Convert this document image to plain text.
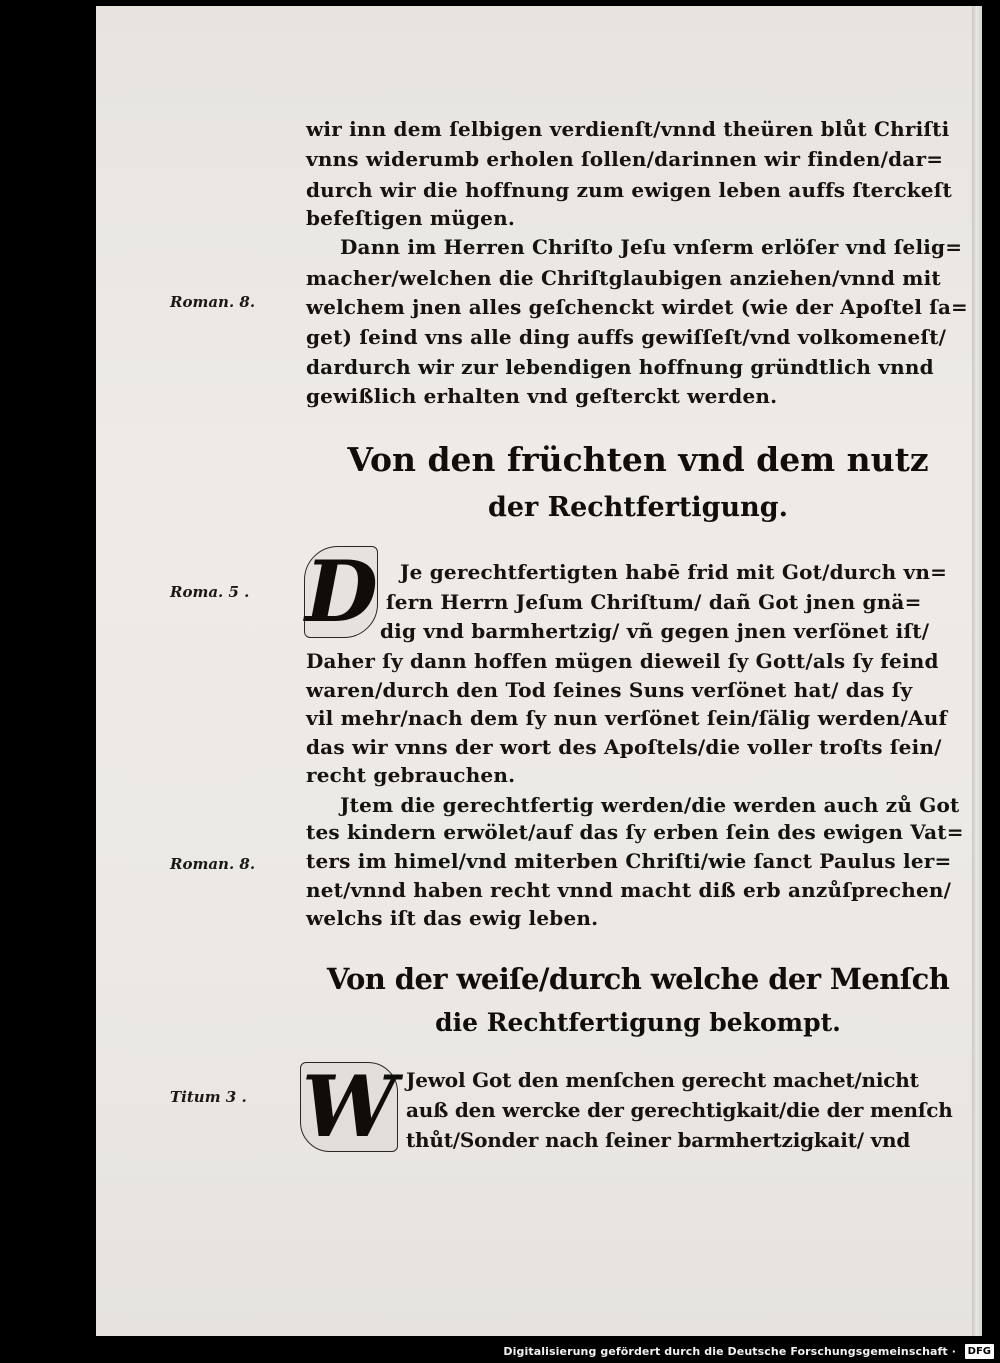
Roman. 8.
Roma. 5 .
Roman. 8.
Titum 3 .
wir inn dem ſelbigen verdienſt/vnnd theüren blůt Chriſti
vnns widerumb erholen ſollen/darinnen wir finden/dar=
durch wir die hoffnung zum ewigen leben auffs ſterckeſt
befeſtigen mügen.
Dann im Herren Chriſto Jeſu vnſerm erlöſer vnd ſelig=
macher/welchen die Chriſtglaubigen anziehen/vnnd mit
welchem jnen alles geſchenckt wirdet (wie der Apoſtel ſa=
get) ſeind vns alle ding auffs gewiſſeſt/vnd volkomeneſt/
dardurch wir zur lebendigen hoffnung gründtlich vnnd
gewißlich erhalten vnd geſterckt werden.
Von den früchten vnd dem nutz
der Rechtfertigung.
D Je gerechtfertigten habē frid mit Got/durch vn=
ſern Herrn Jeſum Chriſtum/ dañ Got jnen gnä=
dig vnd barmhertzig/ vñ gegen jnen verſönet iſt/
Daher ſy dann hoffen mügen dieweil ſy Gott/als ſy feind
waren/durch den Tod ſeines Suns verſönet hat/ das ſy
vil mehr/nach dem ſy nun verſönet ſein/ſälig werden/Auf
das wir vnns der wort des Apoſtels/die voller troſts ſein/
recht gebrauchen.
Jtem die gerechtfertig werden/die werden auch zů Got
tes kindern erwölet/auf das ſy erben ſein des ewigen Vat=
ters im himel/vnd miterben Chriſti/wie ſanct Paulus ler=
net/vnnd haben recht vnnd macht diß erb anzůſprechen/
welchs iſt das ewig leben.
Von der weiſe/durch welche der Menſch
die Rechtfertigung bekompt.
W Jewol Got den menſchen gerecht machet/nicht
auß den wercke der gerechtigkait/die der menſch
thůt/Sonder nach ſeiner barmhertzigkait/ vnd
Digitalisierung gefördert durch die Deutsche Forschungsgemeinschaft ·	DFG
